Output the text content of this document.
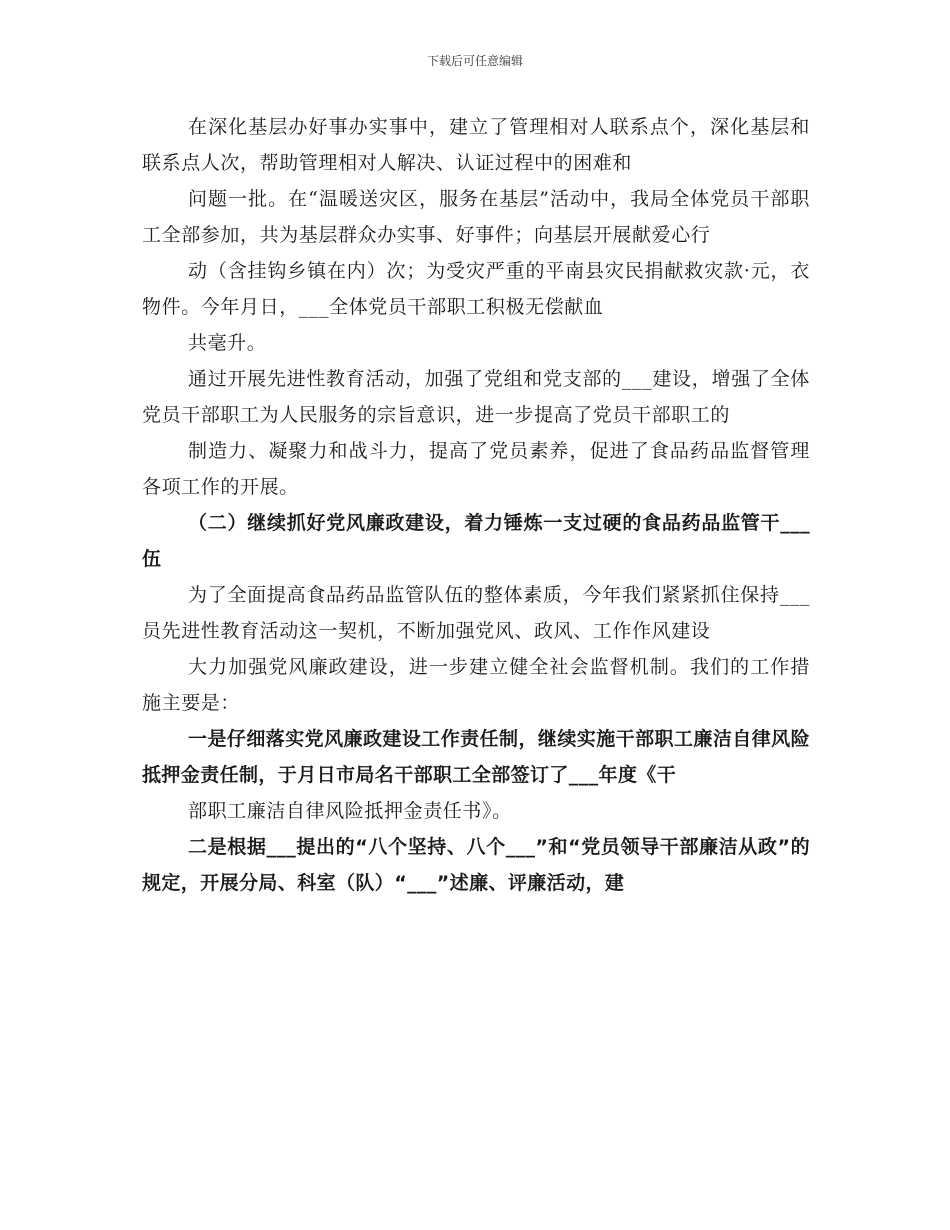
下载后可任意编辑

在深化基层办好事办实事中，建立了管理相对人联系点个，深化基层和联系点人次，帮助管理相对人解决、认证过程中的困难和

问题一批。在“温暖送灾区，服务在基层”活动中，我局全体党员干部职工全部参加，共为基层群众办实事、好事件；向基层开展献爱心行

动（含挂钩乡镇在内）次；为受灾严重的平南县灾民捐献救灾款·元，衣物件。今年月日，___全体党员干部职工积极无偿献血

共毫升。

通过开展先进性教育活动，加强了党组和党支部的___建设，增强了全体党员干部职工为人民服务的宗旨意识，进一步提高了党员干部职工的

制造力、凝聚力和战斗力，提高了党员素养，促进了食品药品监督管理各项工作的开展。

（二）继续抓好党风廉政建设，着力锤炼一支过硬的食品药品监管干___伍

为了全面提高食品药品监管队伍的整体素质，今年我们紧紧抓住保持___员先进性教育活动这一契机，不断加强党风、政风、工作作风建设

大力加强党风廉政建设，进一步建立健全社会监督机制。我们的工作措施主要是：

一是仔细落实党风廉政建设工作责任制，继续实施干部职工廉洁自律风险抵押金责任制，于月日市局名干部职工全部签订了___年度《干

部职工廉洁自律风险抵押金责任书》。

二是根据___提出的“八个坚持、八个___”和“党员领导干部廉洁从政”的规定，开展分局、科室（队）“___”述廉、评廉活动，建
